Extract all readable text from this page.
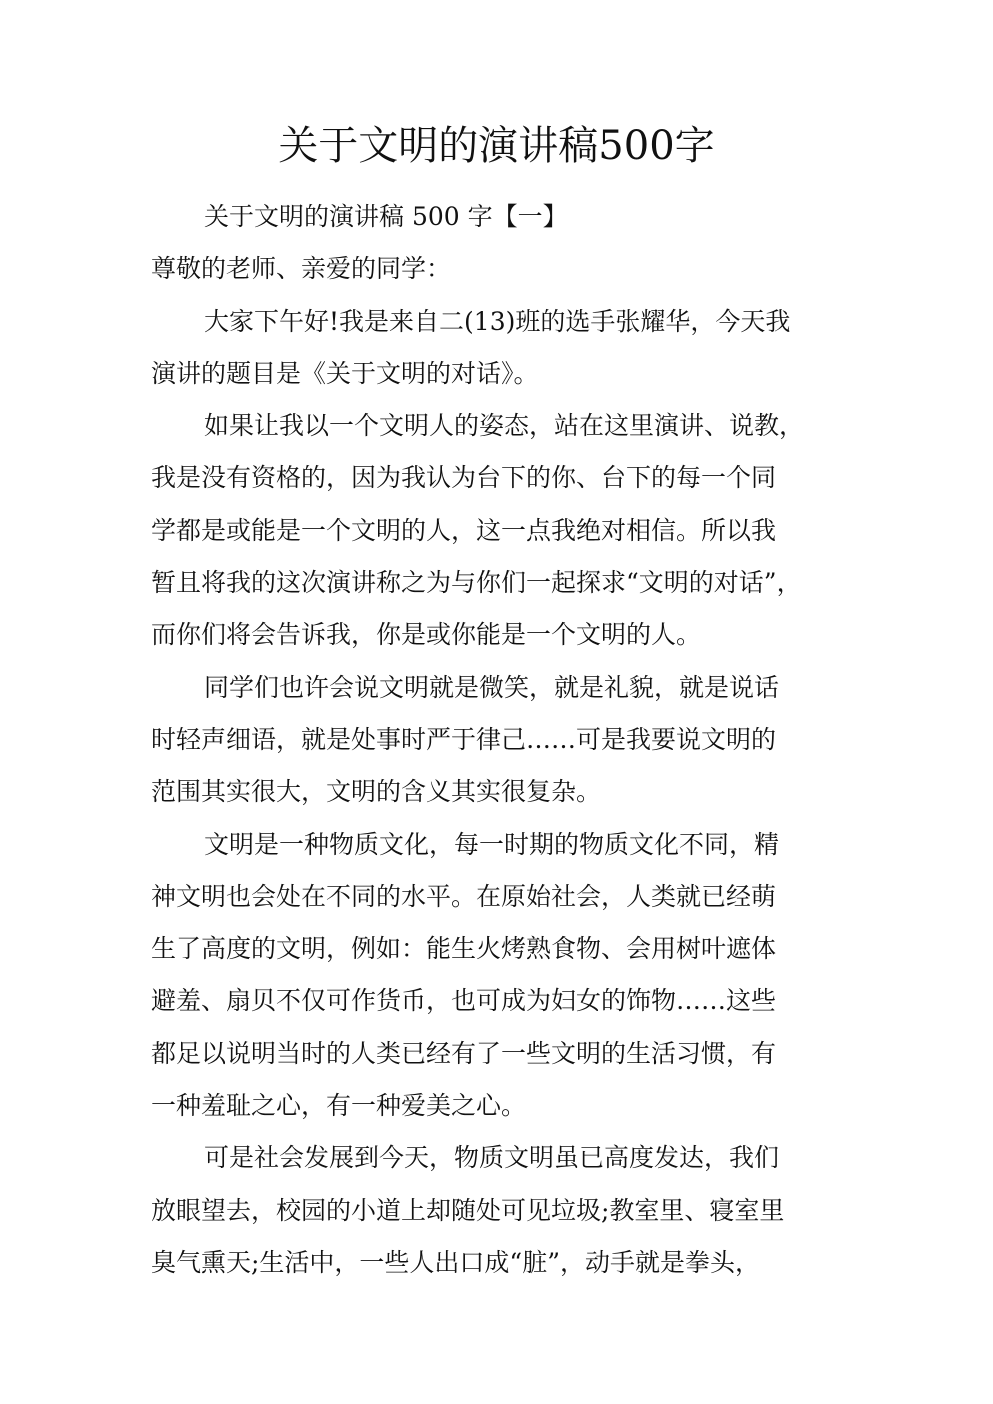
关于文明的演讲稿500字
关于文明的演讲稿 500 字【一】
尊敬的老师、亲爱的同学：
大家下午好!我是来自二(13)班的选手张耀华，今天我
演讲的题目是《关于文明的对话》。
如果让我以一个文明人的姿态，站在这里演讲、说教，
我是没有资格的，因为我认为台下的你、台下的每一个同
学都是或能是一个文明的人，这一点我绝对相信。所以我
暂且将我的这次演讲称之为与你们一起探求“文明的对话”，
而你们将会告诉我，你是或你能是一个文明的人。
同学们也许会说文明就是微笑，就是礼貌，就是说话
时轻声细语，就是处事时严于律己……可是我要说文明的
范围其实很大，文明的含义其实很复杂。
文明是一种物质文化，每一时期的物质文化不同，精
神文明也会处在不同的水平。在原始社会，人类就已经萌
生了高度的文明，例如：能生火烤熟食物、会用树叶遮体
避羞、扇贝不仅可作货币，也可成为妇女的饰物……这些
都足以说明当时的人类已经有了一些文明的生活习惯，有
一种羞耻之心，有一种爱美之心。
可是社会发展到今天，物质文明虽已高度发达，我们
放眼望去，校园的小道上却随处可见垃圾;教室里、寝室里
臭气熏天;生活中，一些人出口成“脏”，动手就是拳头，
